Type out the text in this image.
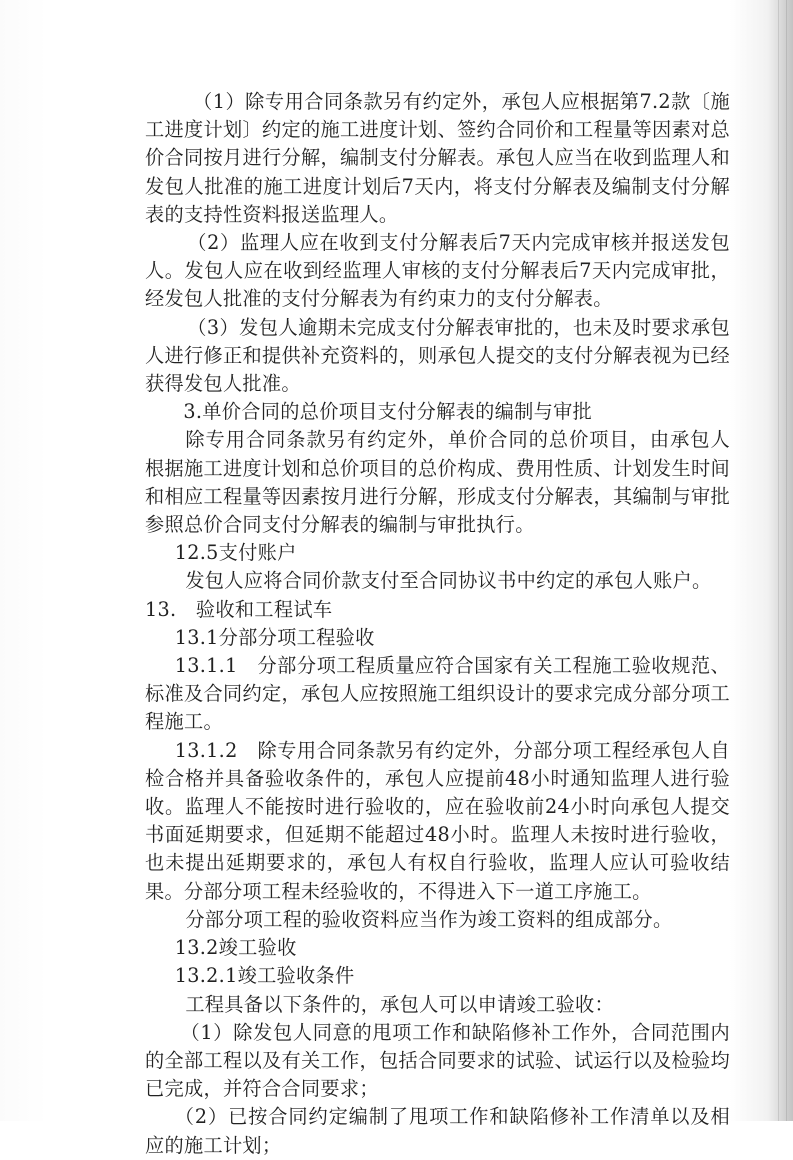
（1）除专用合同条款另有约定外，承包人应根据第7.2款〔施工进度计划〕约定的施工进度计划、签约合同价和工程量等因素对总价合同按月进行分解，编制支付分解表。承包人应当在收到监理人和发包人批准的施工进度计划后7天内，将支付分解表及编制支付分解表的支持性资料报送监理人。

（2）监理人应在收到支付分解表后7天内完成审核并报送发包人。发包人应在收到经监理人审核的支付分解表后7天内完成审批，经发包人批准的支付分解表为有约束力的支付分解表。

（3）发包人逾期未完成支付分解表审批的，也未及时要求承包人进行修正和提供补充资料的，则承包人提交的支付分解表视为已经获得发包人批准。

3.单价合同的总价项目支付分解表的编制与审批

除专用合同条款另有约定外，单价合同的总价项目，由承包人根据施工进度计划和总价项目的总价构成、费用性质、计划发生时间和相应工程量等因素按月进行分解，形成支付分解表，其编制与审批参照总价合同支付分解表的编制与审批执行。

12.5支付账户

发包人应将合同价款支付至合同协议书中约定的承包人账户。

13.　验收和工程试车

13.1分部分项工程验收

13.1.1　分部分项工程质量应符合国家有关工程施工验收规范、标准及合同约定，承包人应按照施工组织设计的要求完成分部分项工程施工。

13.1.2　除专用合同条款另有约定外，分部分项工程经承包人自检合格并具备验收条件的，承包人应提前48小时通知监理人进行验收。监理人不能按时进行验收的，应在验收前24小时向承包人提交书面延期要求，但延期不能超过48小时。监理人未按时进行验收，也未提出延期要求的，承包人有权自行验收，监理人应认可验收结果。分部分项工程未经验收的，不得进入下一道工序施工。

分部分项工程的验收资料应当作为竣工资料的组成部分。

13.2竣工验收

13.2.1竣工验收条件

工程具备以下条件的，承包人可以申请竣工验收：

（1）除发包人同意的甩项工作和缺陷修补工作外，合同范围内的全部工程以及有关工作，包括合同要求的试验、试运行以及检验均已完成，并符合合同要求；

（2）已按合同约定编制了甩项工作和缺陷修补工作清单以及相应的施工计划；
